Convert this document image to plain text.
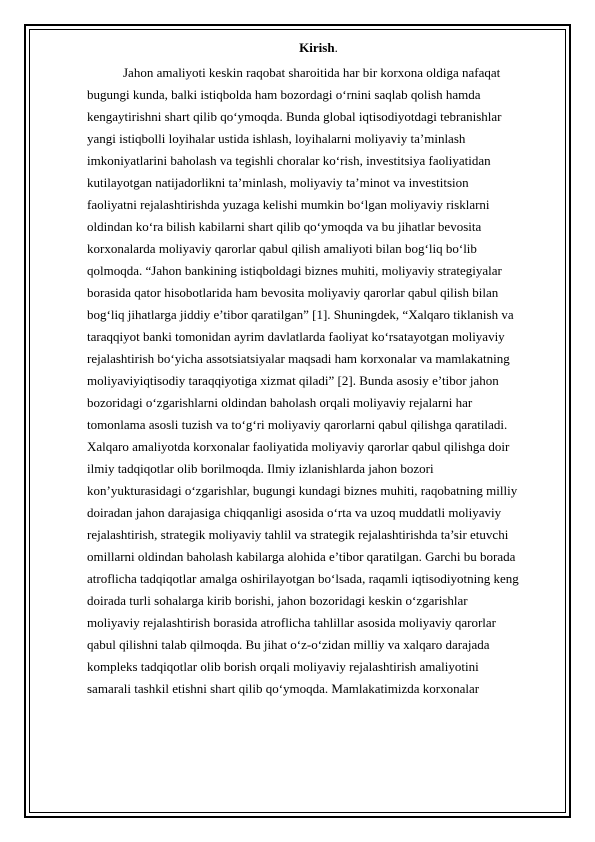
Kirish.
Jahon amaliyoti keskin raqobat sharoitida har bir korxona oldiga nafaqat
bugungi kunda, balki istiqbolda ham bozordagi o‘rnini saqlab qolish hamda
kengaytirishni shart qilib qo‘ymoqda. Bunda global iqtisodiyotdagi tebranishlar
yangi istiqbolli loyihalar ustida ishlash, loyihalarni moliyaviy ta’minlash
imkoniyatlarini baholash va tegishli choralar ko‘rish, investitsiya faoliyatidan
kutilayotgan natijadorlikni ta’minlash, moliyaviy ta’minot va investitsion
faoliyatni rejalashtirishda yuzaga kelishi mumkin bo‘lgan moliyaviy risklarni
oldindan ko‘ra bilish kabilarni shart qilib qo‘ymoqda va bu jihatlar bevosita
korxonalarda moliyaviy qarorlar qabul qilish amaliyoti bilan bog‘liq bo‘lib
qolmoqda. “Jahon bankining istiqboldagi biznes muhiti, moliyaviy strategiyalar
borasida qator hisobotlarida ham bevosita moliyaviy qarorlar qabul qilish bilan
bog‘liq jihatlarga jiddiy e’tibor qaratilgan” [1]. Shuningdek, “Xalqaro tiklanish va
taraqqiyot banki tomonidan ayrim davlatlarda faoliyat ko‘rsatayotgan moliyaviy
rejalashtirish bo‘yicha assotsiatsiyalar maqsadi ham korxonalar va mamlakatning
moliyaviyiqtisodiy taraqqiyotiga xizmat qiladi” [2]. Bunda asosiy e’tibor jahon
bozoridagi o‘zgarishlarni oldindan baholash orqali moliyaviy rejalarni har
tomonlama asosli tuzish va to‘g‘ri moliyaviy qarorlarni qabul qilishga qaratiladi.
Xalqaro amaliyotda korxonalar faoliyatida moliyaviy qarorlar qabul qilishga doir
ilmiy tadqiqotlar olib borilmoqda. Ilmiy izlanishlarda jahon bozori
kon’yukturasidagi o‘zgarishlar, bugungi kundagi biznes muhiti, raqobatning milliy
doiradan jahon darajasiga chiqqanligi asosida o‘rta va uzoq muddatli moliyaviy
rejalashtirish, strategik moliyaviy tahlil va strategik rejalashtirishda ta’sir etuvchi
omillarni oldindan baholash kabilarga alohida e’tibor qaratilgan. Garchi bu borada
atroflicha tadqiqotlar amalga oshirilayotgan bo‘lsada, raqamli iqtisodiyotning keng
doirada turli sohalarga kirib borishi, jahon bozoridagi keskin o‘zgarishlar
moliyaviy rejalashtirish borasida atroflicha tahlillar asosida moliyaviy qarorlar
qabul qilishni talab qilmoqda. Bu jihat o‘z-o‘zidan milliy va xalqaro darajada
kompleks tadqiqotlar olib borish orqali moliyaviy rejalashtirish amaliyotini
samarali tashkil etishni shart qilib qo‘ymoqda. Mamlakatimizda korxonalar
